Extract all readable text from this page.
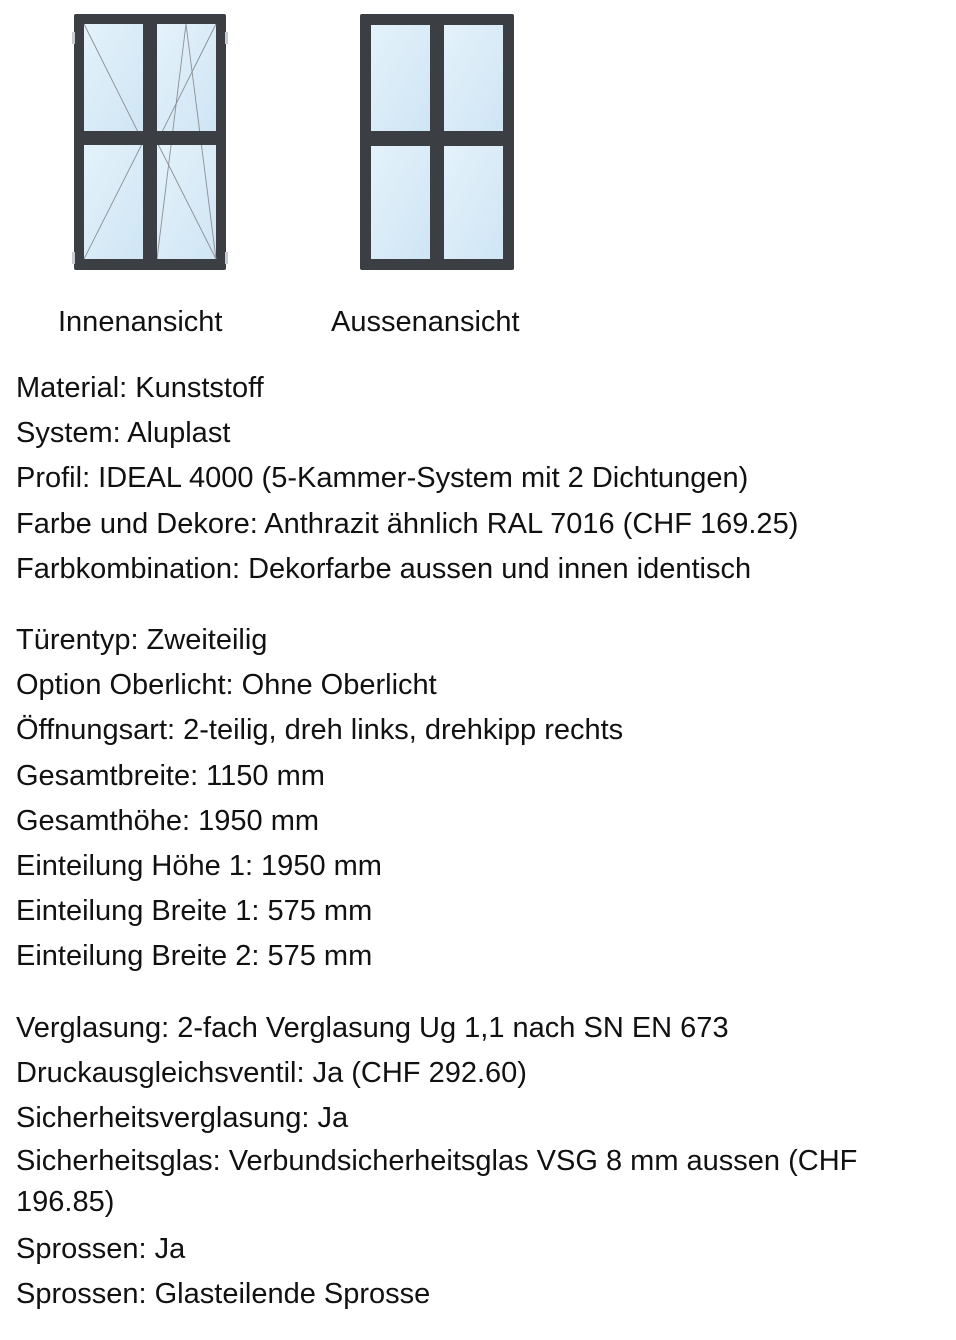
Innenansicht	Aussenansicht
Material: Kunststoff
System: Aluplast
Profil: IDEAL 4000 (5-Kammer-System mit 2 Dichtungen)
Farbe und Dekore: Anthrazit ähnlich RAL 7016 (CHF 169.25)
Farbkombination: Dekorfarbe aussen und innen identisch
Türentyp: Zweiteilig
Option Oberlicht: Ohne Oberlicht
Öffnungsart: 2-teilig, dreh links, drehkipp rechts
Gesamtbreite: 1150 mm
Gesamthöhe: 1950 mm
Einteilung Höhe 1: 1950 mm
Einteilung Breite 1: 575 mm
Einteilung Breite 2: 575 mm
Verglasung: 2-fach Verglasung Ug 1,1 nach SN EN 673
Druckausgleichsventil: Ja (CHF 292.60)
Sicherheitsverglasung: Ja
Sicherheitsglas: Verbundsicherheitsglas VSG 8 mm aussen (CHF 196.85)
Sprossen: Ja
Sprossen: Glasteilende Sprosse
